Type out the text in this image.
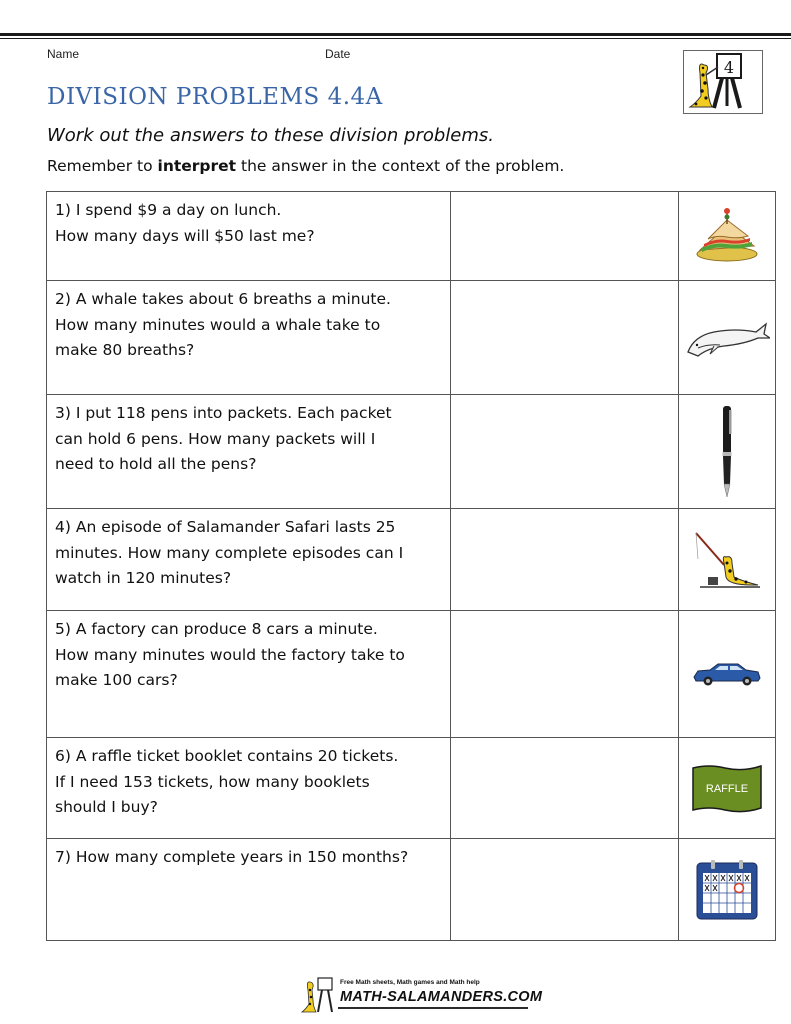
Name	Date
4
DIVISION PROBLEMS 4.4A
Work out the answers to these division problems.
Remember to interpret the answer in the context of the problem.
1) I spend $9 a day on lunch.
How many days will $50 last me?

2) A whale takes about 6 breaths a minute.
How many minutes would a whale take to
make 80 breaths?

3) I put 118 pens into packets. Each packet
can hold 6 pens. How many packets will I
need to hold all the pens?

4) An episode of Salamander Safari lasts 25
minutes. How many complete episodes can I
watch in 120 minutes?

5) A factory can produce 8 cars a minute.
How many minutes would the factory take to
make 100 cars?

6) A raffle ticket booklet contains 20 tickets.
If I need 153 tickets, how many booklets
should I buy?		RAFFLE

7) How many complete years in 150 months?

Free Math sheets, Math games and Math help
MATH-SALAMANDERS.COM
